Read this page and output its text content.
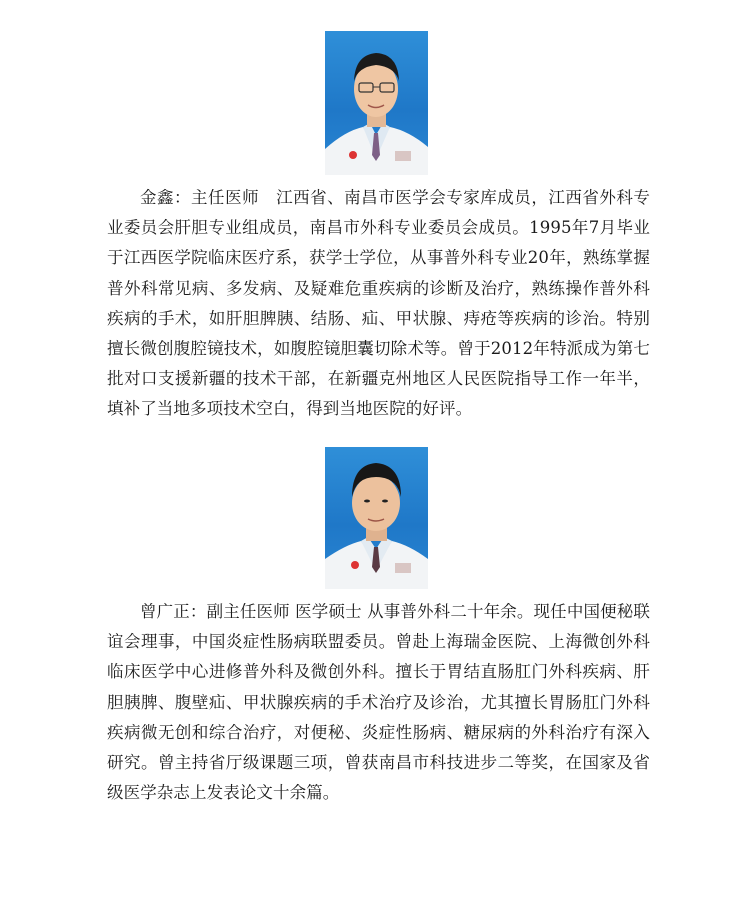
金鑫：主任医师　江西省、南昌市医学会专家库成员，江西省外科专业委员会肝胆专业组成员，南昌市外科专业委员会成员。1995年7月毕业于江西医学院临床医疗系，获学士学位，从事普外科专业20年，熟练掌握普外科常见病、多发病、及疑难危重疾病的诊断及治疗，熟练操作普外科疾病的手术，如肝胆脾胰、结肠、疝、甲状腺、痔疮等疾病的诊治。特别擅长微创腹腔镜技术，如腹腔镜胆囊切除术等。曾于2012年特派成为第七批对口支援新疆的技术干部，在新疆克州地区人民医院指导工作一年半，填补了当地多项技术空白，得到当地医院的好评。
曾广正：副主任医师 医学硕士 从事普外科二十年余。现任中国便秘联谊会理事，中国炎症性肠病联盟委员。曾赴上海瑞金医院、上海微创外科临床医学中心进修普外科及微创外科。擅长于胃结直肠肛门外科疾病、肝胆胰脾、腹壁疝、甲状腺疾病的手术治疗及诊治，尤其擅长胃肠肛门外科疾病微无创和综合治疗，对便秘、炎症性肠病、糖尿病的外科治疗有深入研究。曾主持省厅级课题三项，曾获南昌市科技进步二等奖，在国家及省级医学杂志上发表论文十余篇。
